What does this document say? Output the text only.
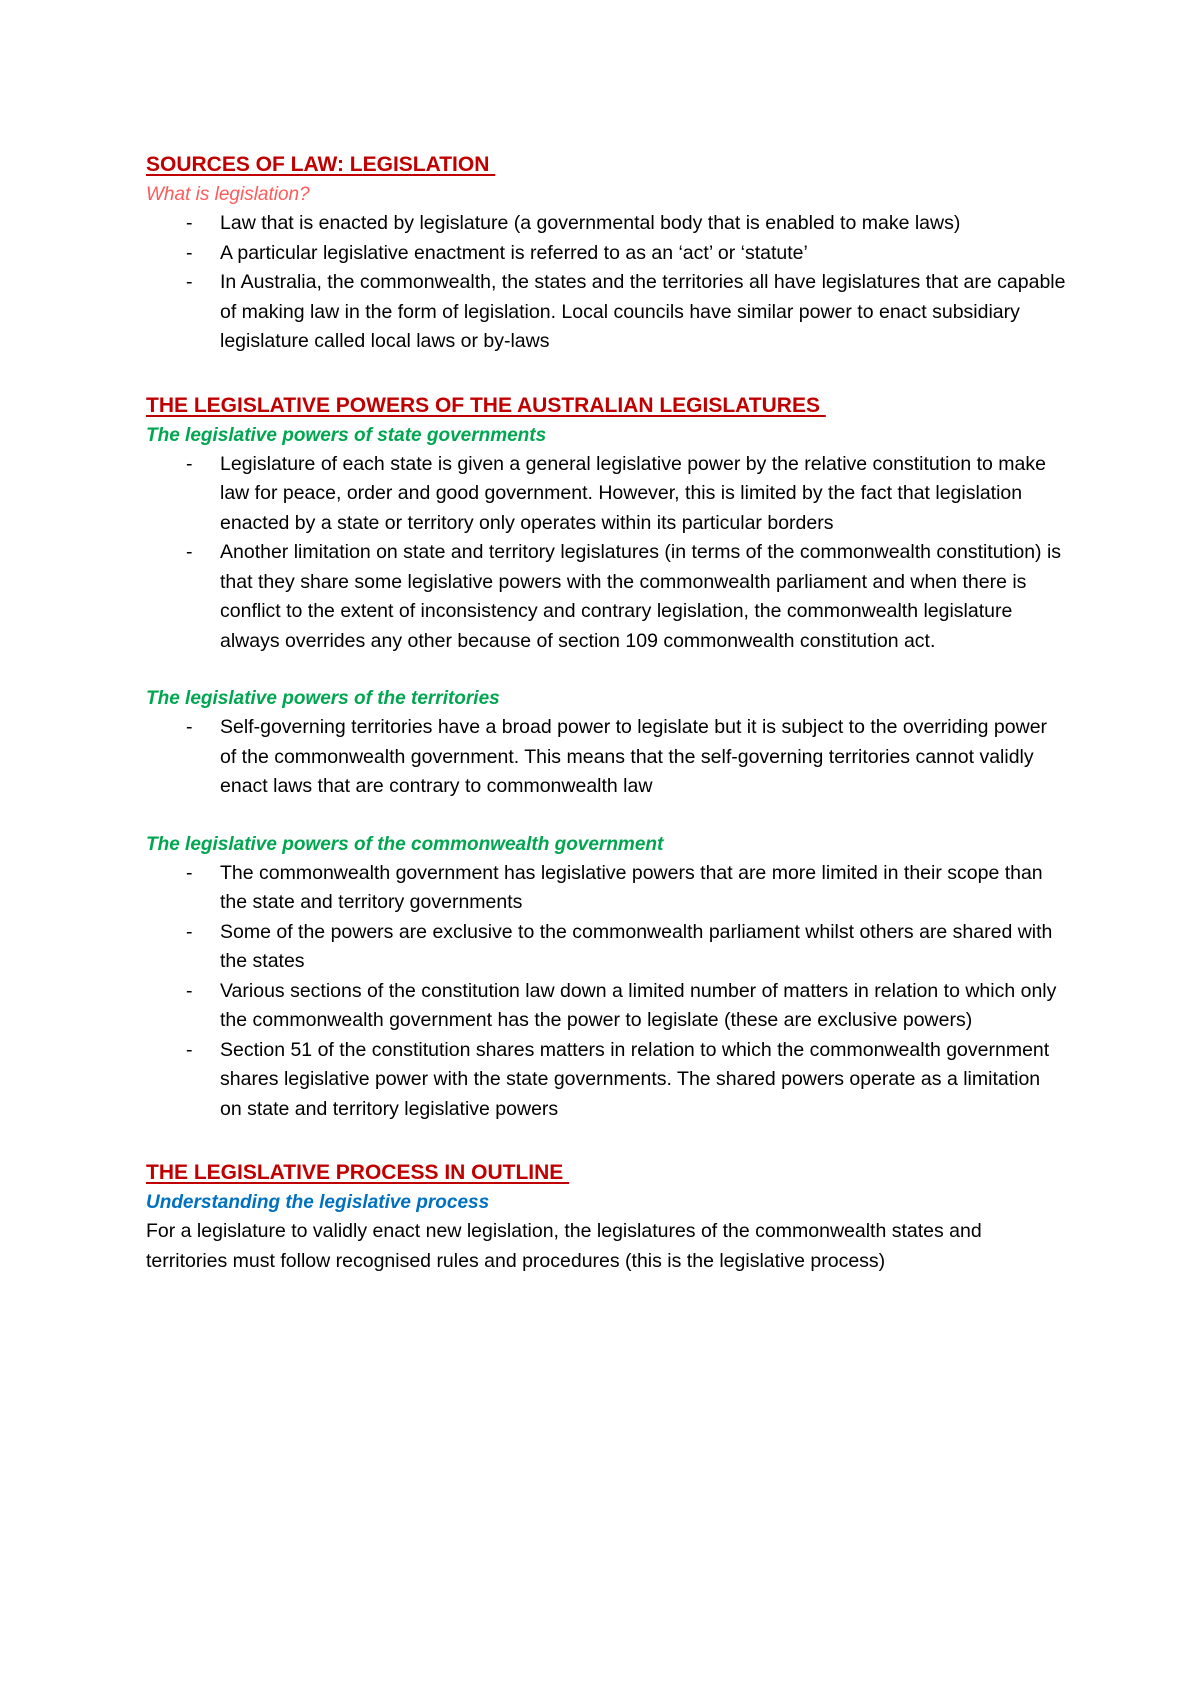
SOURCES OF LAW: LEGISLATION
What is legislation?
- Law that is enacted by legislature (a governmental body that is enabled to make laws)
- A particular legislative enactment is referred to as an ‘act’ or ‘statute’
- In Australia, the commonwealth, the states and the territories all have legislatures that are capable of making law in the form of legislation. Local councils have similar power to enact subsidiary legislature called local laws or by-laws
THE LEGISLATIVE POWERS OF THE AUSTRALIAN LEGISLATURES
The legislative powers of state governments
- Legislature of each state is given a general legislative power by the relative constitution to make law for peace, order and good government. However, this is limited by the fact that legislation enacted by a state or territory only operates within its particular borders
- Another limitation on state and territory legislatures (in terms of the commonwealth constitution) is that they share some legislative powers with the commonwealth parliament and when there is conflict to the extent of inconsistency and contrary legislation, the commonwealth legislature always overrides any other because of section 109 commonwealth constitution act.
The legislative powers of the territories
- Self-governing territories have a broad power to legislate but it is subject to the overriding power of the commonwealth government. This means that the self-governing territories cannot validly enact laws that are contrary to commonwealth law
The legislative powers of the commonwealth government
- The commonwealth government has legislative powers that are more limited in their scope than the state and territory governments
- Some of the powers are exclusive to the commonwealth parliament whilst others are shared with the states
- Various sections of the constitution law down a limited number of matters in relation to which only the commonwealth government has the power to legislate (these are exclusive powers)
- Section 51 of the constitution shares matters in relation to which the commonwealth government shares legislative power with the state governments. The shared powers operate as a limitation on state and territory legislative powers
THE LEGISLATIVE PROCESS IN OUTLINE
Understanding the legislative process

For a legislature to validly enact new legislation, the legislatures of the commonwealth states and territories must follow recognised rules and procedures (this is the legislative process)
